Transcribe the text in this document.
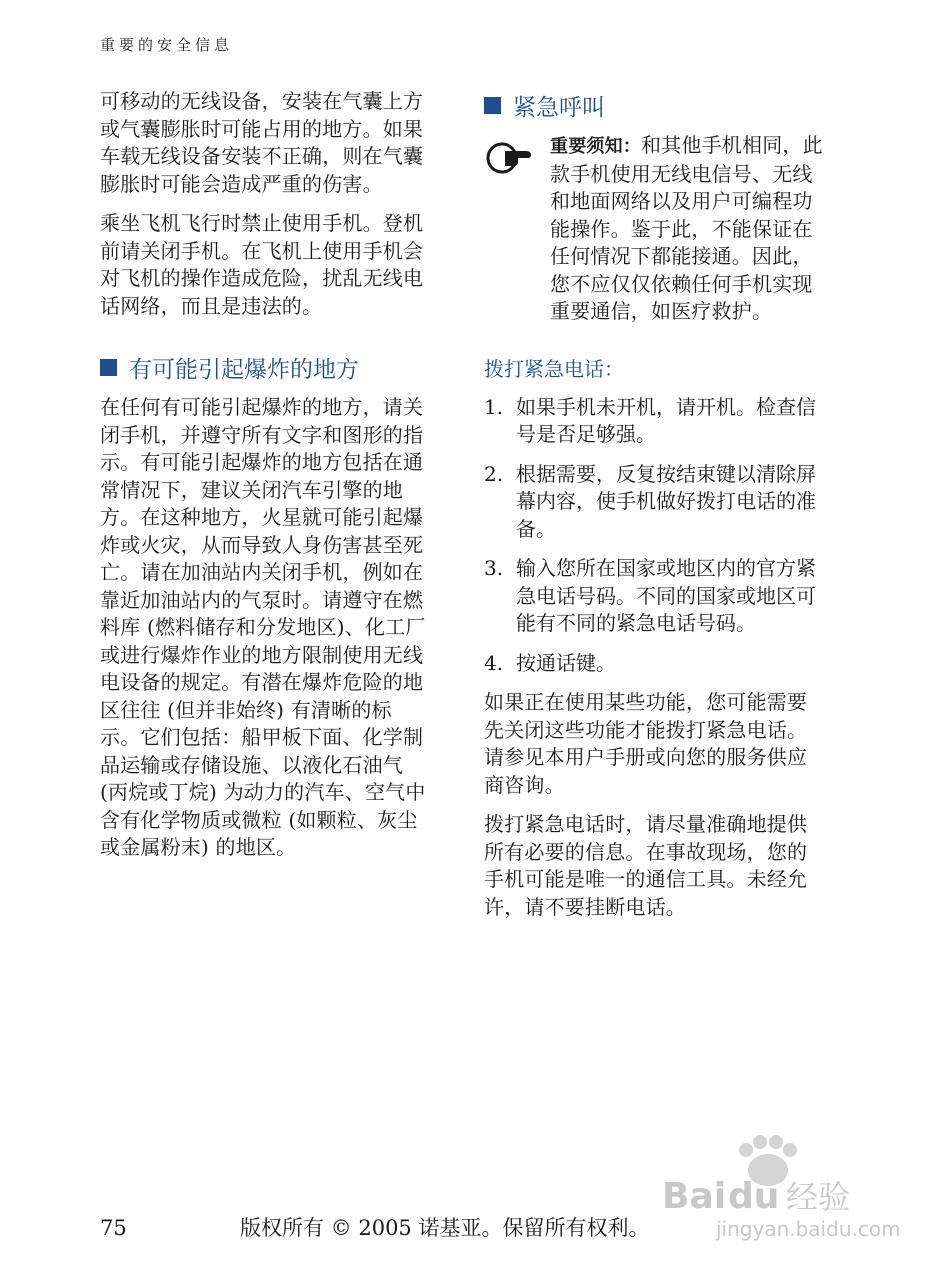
重要的安全信息

可移动的无线设备，安装在气囊上方或气囊膨胀时可能占用的地方。如果车载无线设备安装不正确，则在气囊膨胀时可能会造成严重的伤害。

乘坐飞机飞行时禁止使用手机。登机前请关闭手机。在飞机上使用手机会对飞机的操作造成危险，扰乱无线电话网络，而且是违法的。

有可能引起爆炸的地方

在任何有可能引起爆炸的地方，请关闭手机，并遵守所有文字和图形的指示。有可能引起爆炸的地方包括在通常情况下，建议关闭汽车引擎的地方。在这种地方，火星就可能引起爆炸或火灾，从而导致人身伤害甚至死亡。请在加油站内关闭手机，例如在靠近加油站内的气泵时。请遵守在燃料库 (燃料储存和分发地区)、化工厂或进行爆炸作业的地方限制使用无线电设备的规定。有潜在爆炸危险的地区往往 (但并非始终) 有清晰的标示。它们包括：船甲板下面、化学制品运输或存储设施、以液化石油气 (丙烷或丁烷) 为动力的汽车、空气中含有化学物质或微粒 (如颗粒、灰尘或金属粉末) 的地区。

紧急呼叫

重要须知：和其他手机相同，此款手机使用无线电信号、无线和地面网络以及用户可编程功能操作。鉴于此，不能保证在任何情况下都能接通。因此，您不应仅仅依赖任何手机实现重要通信，如医疗救护。

拨打紧急电话：
1. 如果手机未开机，请开机。检查信号是否足够强。
2. 根据需要，反复按结束键以清除屏幕内容，使手机做好拨打电话的准备。
3. 输入您所在国家或地区内的官方紧急电话号码。不同的国家或地区可能有不同的紧急电话号码。
4. 按通话键。

如果正在使用某些功能，您可能需要先关闭这些功能才能拨打紧急电话。请参见本用户手册或向您的服务供应商咨询。

拨打紧急电话时，请尽量准确地提供所有必要的信息。在事故现场，您的手机可能是唯一的通信工具。未经允许，请不要挂断电话。

Bai du 经验
jingyan.baidu.com
75	版权所有 © 2005 诺基亚。保留所有权利。
